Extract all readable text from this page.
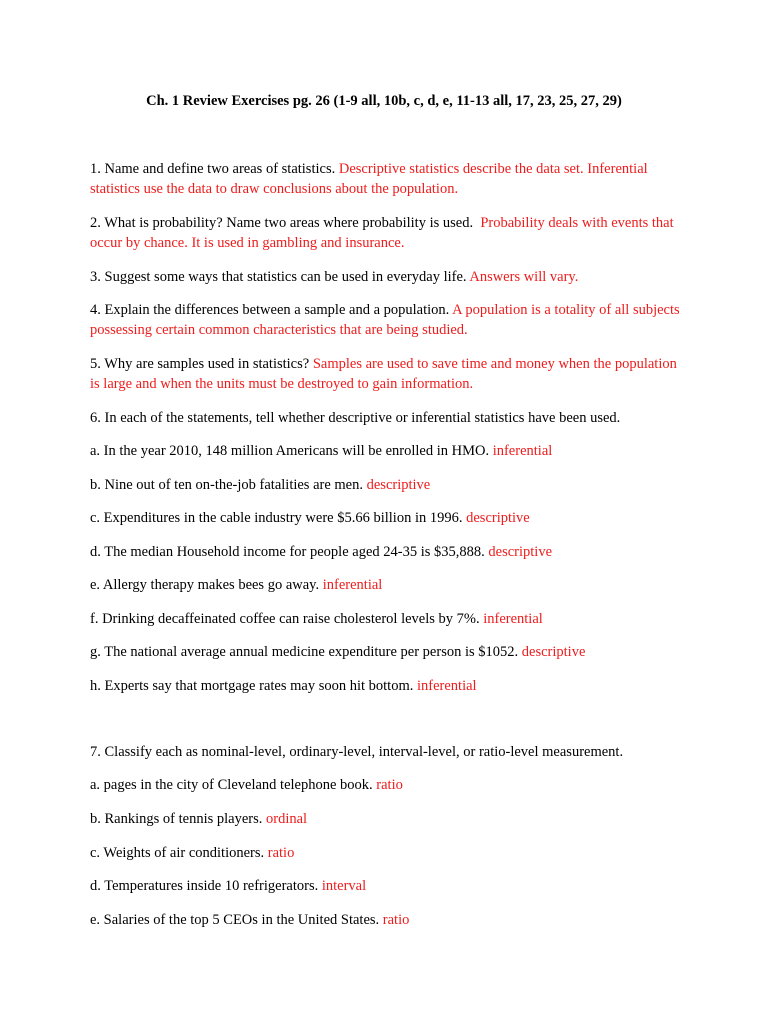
Ch. 1 Review Exercises pg. 26 (1-9 all, 10b, c, d, e, 11-13 all, 17, 23, 25, 27, 29)
1. Name and define two areas of statistics. Descriptive statistics describe the data set. Inferential statistics use the data to draw conclusions about the population.
2. What is probability? Name two areas where probability is used. Probability deals with events that occur by chance. It is used in gambling and insurance.
3. Suggest some ways that statistics can be used in everyday life. Answers will vary.
4. Explain the differences between a sample and a population. A population is a totality of all subjects possessing certain common characteristics that are being studied.
5. Why are samples used in statistics? Samples are used to save time and money when the population is large and when the units must be destroyed to gain information.
6. In each of the statements, tell whether descriptive or inferential statistics have been used.
a. In the year 2010, 148 million Americans will be enrolled in HMO. inferential
b. Nine out of ten on-the-job fatalities are men. descriptive
c. Expenditures in the cable industry were $5.66 billion in 1996. descriptive
d. The median Household income for people aged 24-35 is $35,888. descriptive
e. Allergy therapy makes bees go away. inferential
f. Drinking decaffeinated coffee can raise cholesterol levels by 7%. inferential
g. The national average annual medicine expenditure per person is $1052. descriptive
h. Experts say that mortgage rates may soon hit bottom. inferential
7. Classify each as nominal-level, ordinary-level, interval-level, or ratio-level measurement.
a. pages in the city of Cleveland telephone book. ratio
b. Rankings of tennis players. ordinal
c. Weights of air conditioners. ratio
d. Temperatures inside 10 refrigerators. interval
e. Salaries of the top 5 CEOs in the United States. ratio
